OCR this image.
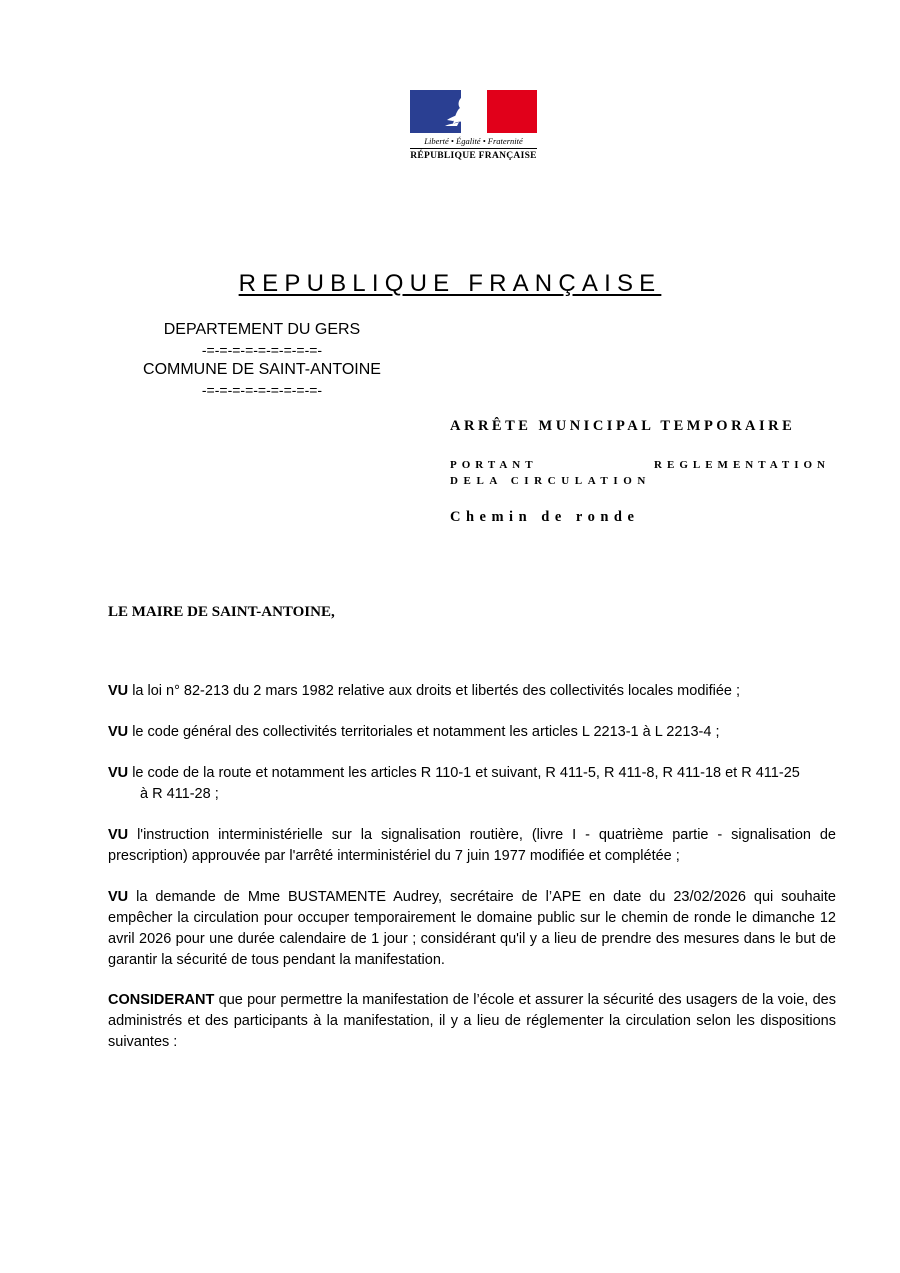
Liberté • Égalité • Fraternité
RÉPUBLIQUE FRANÇAISE
REPUBLIQUE FRANÇAISE
DEPARTEMENT DU GERS
-=-=-=-=-=-=-=-=-=-
COMMUNE DE SAINT-ANTOINE
-=-=-=-=-=-=-=-=-=-
ARRÊTE MUNICIPAL TEMPORAIRE
PORTANT	REGLEMENTATION
DELA CIRCULATION
Chemin de ronde
LE MAIRE DE SAINT-ANTOINE,

VU la loi n° 82-213 du 2 mars 1982 relative aux droits et libertés des collectivités locales modifiée ;

VU le code général des collectivités territoriales et notamment les articles L 2213-1 à L 2213-4 ;

VU le code de la route et notamment les articles R 110-1 et suivant, R 411-5, R 411-8, R 411-18 et R 411-25
à R 411-28 ;

VU l'instruction interministérielle sur la signalisation routière, (livre I - quatrième partie - signalisation de prescription) approuvée par l'arrêté interministériel du 7 juin 1977 modifiée et complétée ;

VU la demande de Mme BUSTAMENTE Audrey, secrétaire de l’APE en date du 23/02/2026 qui souhaite empêcher la circulation pour occuper temporairement le domaine public sur le chemin de ronde le dimanche 12 avril 2026 pour une durée calendaire de 1 jour ; considérant qu'il y a lieu de prendre des mesures dans le but de garantir la sécurité de tous pendant la manifestation.

CONSIDERANT que pour permettre la manifestation de l’école et assurer la sécurité des usagers de la voie, des administrés et des participants à la manifestation, il y a lieu de réglementer la circulation selon les dispositions suivantes :
